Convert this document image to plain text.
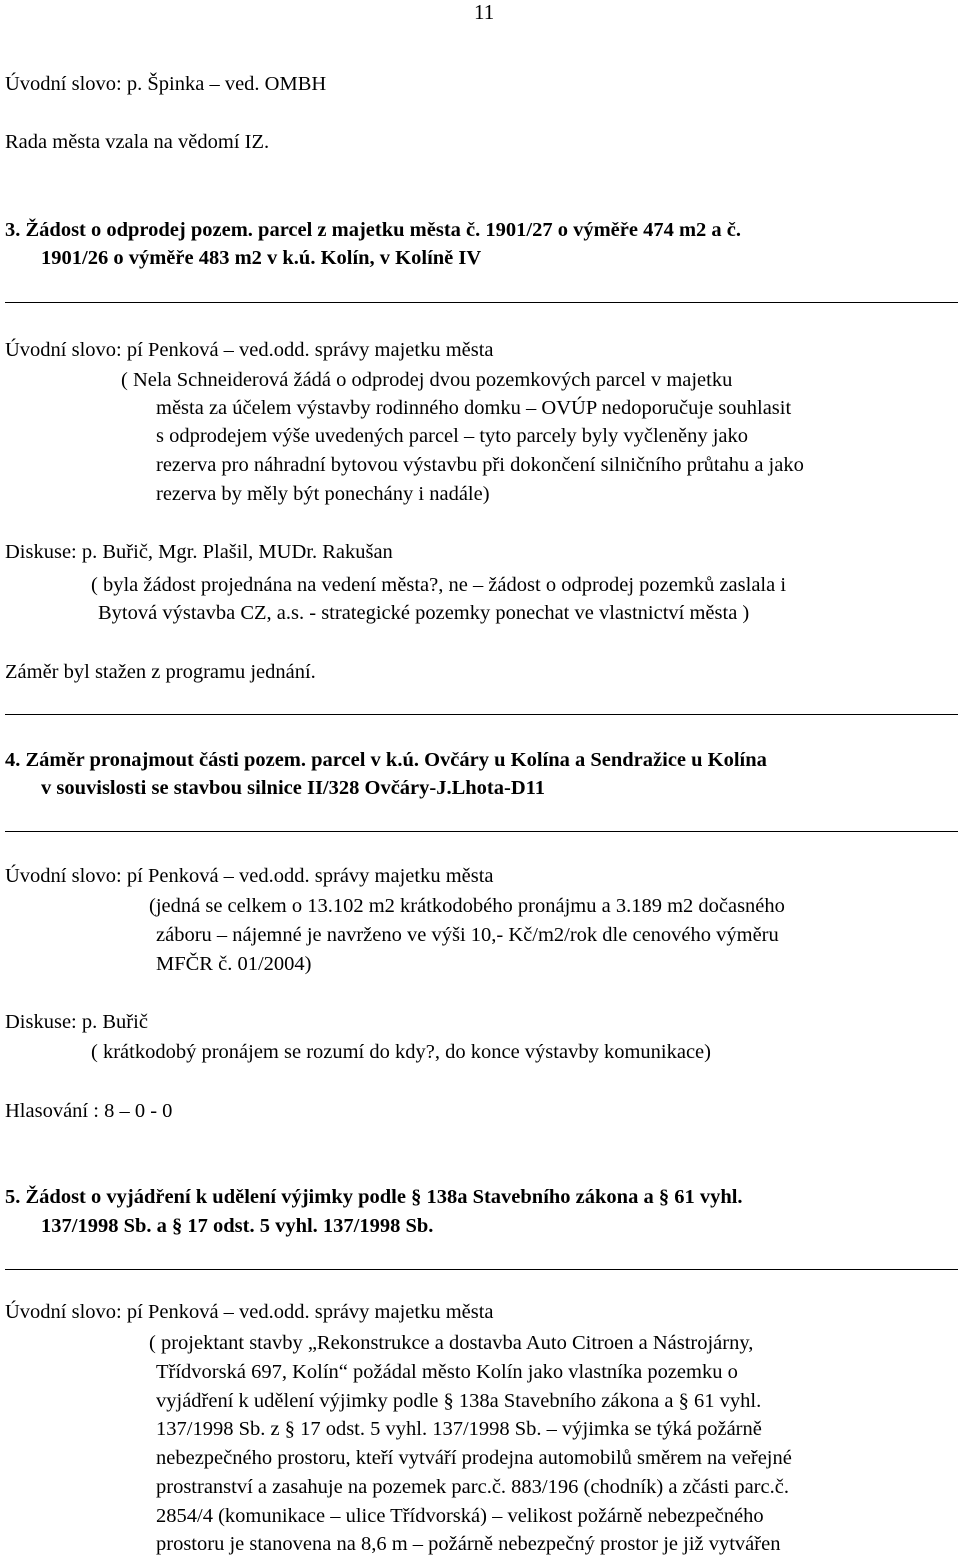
11
Úvodní slovo: p. Špinka – ved. OMBH
Rada města vzala na vědomí IZ.
3. Žádost o odprodej pozem. parcel z majetku města č. 1901/27 o výměře 474 m2 a č.
1901/26 o výměře 483 m2 v k.ú. Kolín, v Kolíně IV
Úvodní slovo: pí Penková – ved.odd. správy majetku města
( Nela Schneiderová žádá o odprodej dvou pozemkových parcel v majetku
města za účelem výstavby rodinného domku – OVÚP nedoporučuje souhlasit
s odprodejem výše uvedených parcel – tyto parcely byly vyčleněny jako
rezerva pro náhradní bytovou výstavbu při dokončení silničního průtahu a jako
rezerva by měly být ponechány i nadále)
Diskuse: p. Buřič, Mgr. Plašil, MUDr. Rakušan
( byla žádost projednána na vedení města?, ne – žádost o odprodej pozemků zaslala i
Bytová výstavba CZ, a.s. - strategické pozemky ponechat ve vlastnictví města )
Záměr byl stažen z programu jednání.
4. Záměr pronajmout části pozem. parcel v k.ú. Ovčáry u Kolína a Sendražice u Kolína
v souvislosti se stavbou silnice II/328 Ovčáry-J.Lhota-D11
Úvodní slovo: pí Penková – ved.odd. správy majetku města
(jedná se celkem o 13.102 m2 krátkodobého pronájmu a 3.189 m2 dočasného
záboru – nájemné je navrženo ve výši 10,- Kč/m2/rok dle cenového výměru
MFČR č. 01/2004)
Diskuse: p. Buřič
( krátkodobý pronájem se rozumí do kdy?, do konce výstavby komunikace)
Hlasování : 8 – 0 - 0
5. Žádost o vyjádření k udělení výjimky podle § 138a Stavebního zákona a § 61 vyhl.
137/1998 Sb. a § 17 odst. 5 vyhl. 137/1998 Sb.
Úvodní slovo: pí Penková – ved.odd. správy majetku města
( projektant stavby „Rekonstrukce a dostavba Auto Citroen a Nástrojárny,
Třídvorská 697, Kolín“ požádal město Kolín jako vlastníka pozemku o
vyjádření k udělení výjimky podle § 138a Stavebního zákona a § 61 vyhl.
137/1998 Sb. z § 17 odst. 5 vyhl. 137/1998 Sb. – výjimka se týká požárně
nebezpečného prostoru, kteří vytváří prodejna automobilů směrem na veřejné
prostranství a zasahuje na pozemek parc.č. 883/196 (chodník) a zčásti parc.č.
2854/4 (komunikace – ulice Třídvorská) – velikost požárně nebezpečného
prostoru je stanovena na 8,6 m – požárně nebezpečný prostor je již vytvářen
